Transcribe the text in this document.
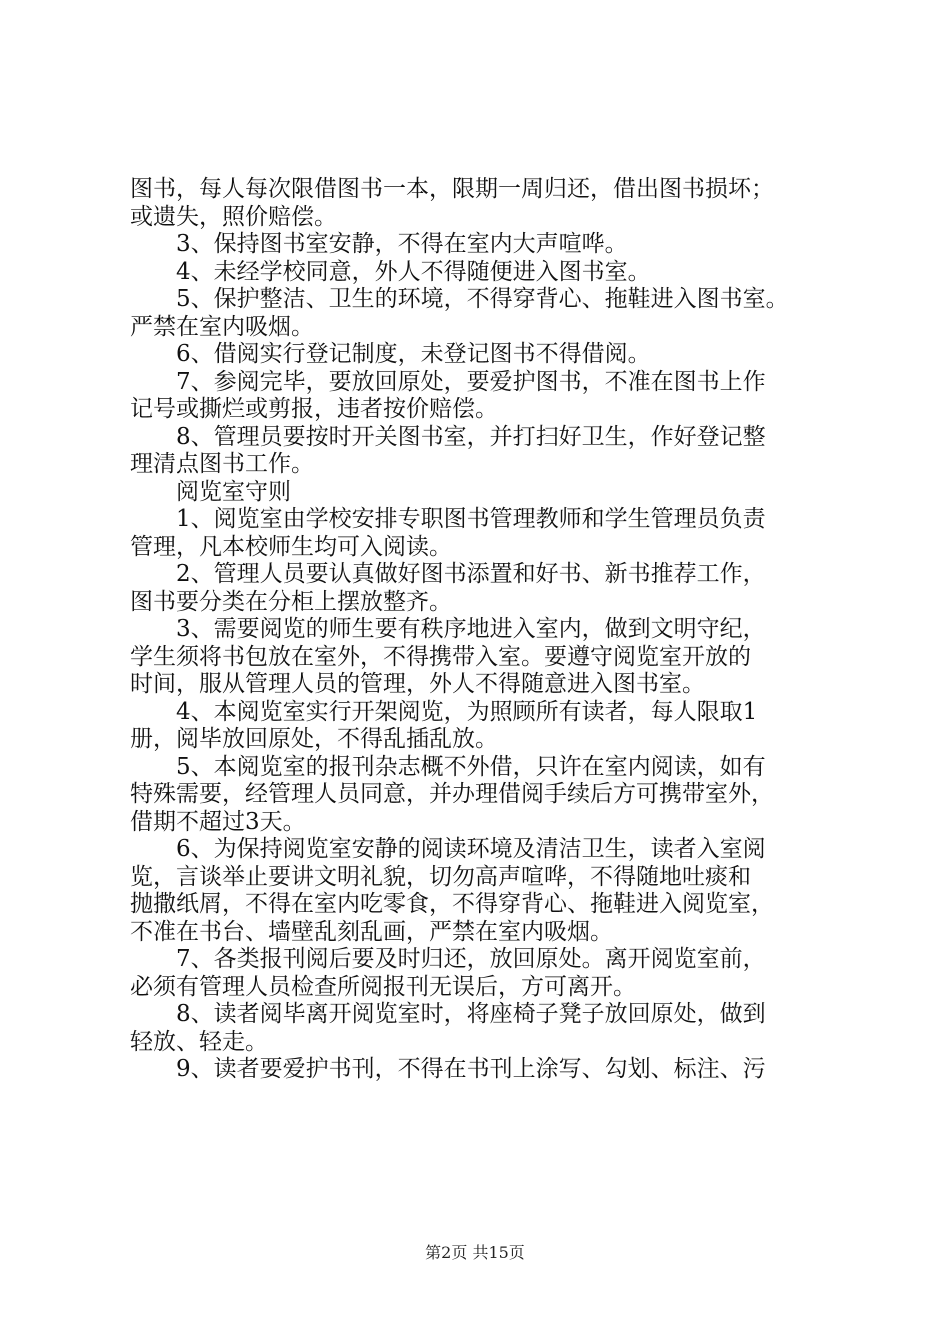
图书，每人每次限借图书一本，限期一周归还，借出图书损坏；
或遗失，照价赔偿。
3、保持图书室安静，不得在室内大声喧哗。
4、未经学校同意，外人不得随便进入图书室。
5、保护整洁、卫生的环境，不得穿背心、拖鞋进入图书室。
严禁在室内吸烟。
6、借阅实行登记制度，未登记图书不得借阅。
7、参阅完毕，要放回原处，要爱护图书，不准在图书上作
记号或撕烂或剪报，违者按价赔偿。
8、管理员要按时开关图书室，并打扫好卫生，作好登记整
理清点图书工作。
阅览室守则
1、阅览室由学校安排专职图书管理教师和学生管理员负责
管理，凡本校师生均可入阅读。
2、管理人员要认真做好图书添置和好书、新书推荐工作，
图书要分类在分柜上摆放整齐。
3、需要阅览的师生要有秩序地进入室内，做到文明守纪，
学生须将书包放在室外，不得携带入室。要遵守阅览室开放的
时间，服从管理人员的管理，外人不得随意进入图书室。
4、本阅览室实行开架阅览，为照顾所有读者，每人限取1
册，阅毕放回原处，不得乱插乱放。
5、本阅览室的报刊杂志概不外借，只许在室内阅读，如有
特殊需要，经管理人员同意，并办理借阅手续后方可携带室外，
借期不超过3天。
6、为保持阅览室安静的阅读环境及清洁卫生，读者入室阅
览，言谈举止要讲文明礼貌，切勿高声喧哗，不得随地吐痰和
抛撒纸屑，不得在室内吃零食，不得穿背心、拖鞋进入阅览室，
不准在书台、墙壁乱刻乱画，严禁在室内吸烟。
7、各类报刊阅后要及时归还，放回原处。离开阅览室前，
必须有管理人员检查所阅报刊无误后，方可离开。
8、读者阅毕离开阅览室时，将座椅子凳子放回原处，做到
轻放、轻走。
9、读者要爱护书刊，不得在书刊上涂写、勾划、标注、污
第2页 共15页
